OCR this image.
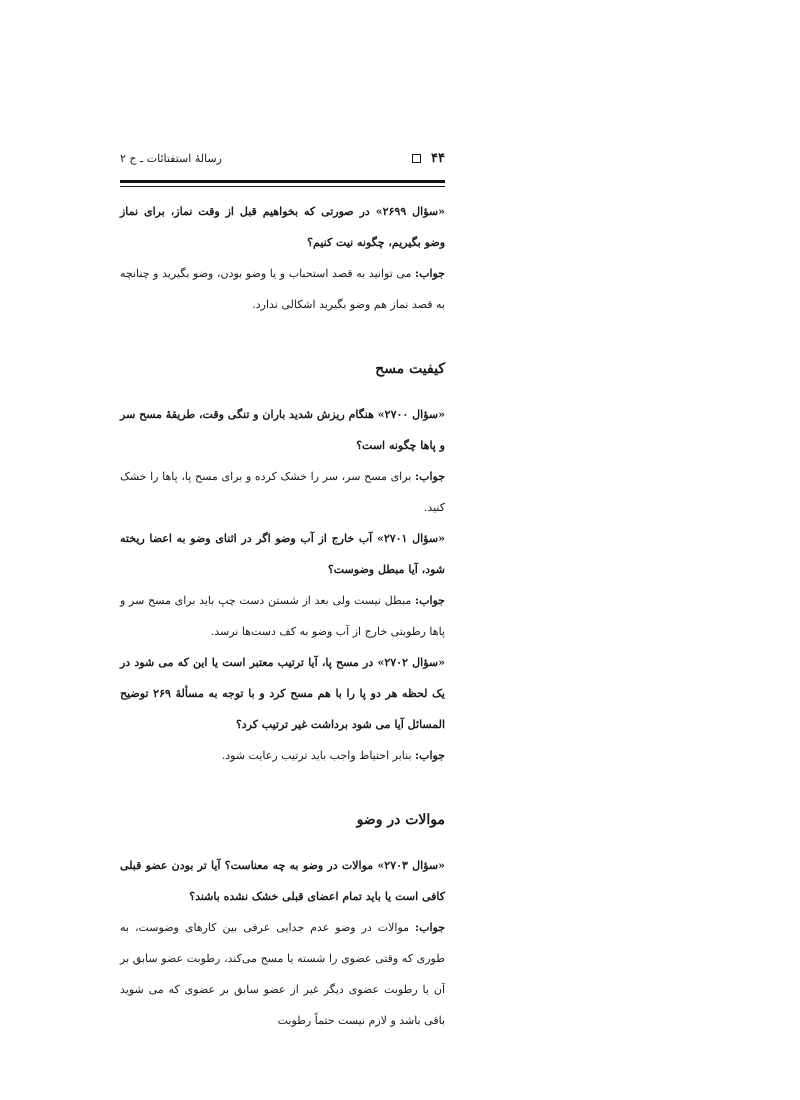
۴۴
رسالهٔ استفتائات ـ ج ۲

«سؤال ۲۶۹۹» در صورتی که بخواهیم قبل از وقت نماز، برای نماز وضو بگیریم، چگونه نیت کنیم؟

جواب: می توانید به قصد استحباب و یا وضو بودن، وضو بگیرید و چنانچه به قصد نماز هم وضو بگیرید اشکالی ندارد.

کیفیت مسح

«سؤال ۲۷۰۰» هنگام ریزش شدید باران و تنگی وقت، طریقهٔ مسح سر و پاها چگونه است؟

جواب: برای مسح سر، سر را خشک کرده و برای مسح پا، پاها را خشک کنید.

«سؤال ۲۷۰۱» آب خارج از آب وضو اگر در اثنای وضو به اعضا ریخته شود، آیا مبطل وضوست؟

جواب: مبطل نیست ولی بعد از شستن دست چپ باید برای مسح سر و پاها رطوبتی خارج از آب وضو به کف دست‌ها نرسد.

«سؤال ۲۷۰۲» در مسح پا، آیا ترتیب معتبر است یا این که می شود در یک لحظه هر دو پا را با هم مسح کرد و با توجه به مسألهٔ ۲۶۹ توضیح المسائل آیا می شود برداشت غیر ترتیب کرد؟

جواب: بنابر احتیاط واجب باید ترتیب رعایت شود.

موالات در وضو

«سؤال ۲۷۰۳» موالات در وضو به چه معناست؟ آیا تر بودن عضو قبلی کافی است یا باید تمام اعضای قبلی خشک نشده باشند؟

جواب: موالات در وضو عدم جدایی عرفی بین کارهای وضوست، به طوری که وقتی عضوی را شسته یا مسح می‌کند، رطوبت عضو سابق بر آن یا رطوبت عضوی دیگر غیر از عضو سابق بر عضوی که می شوید باقی باشد و لازم نیست حتماً رطوبت
